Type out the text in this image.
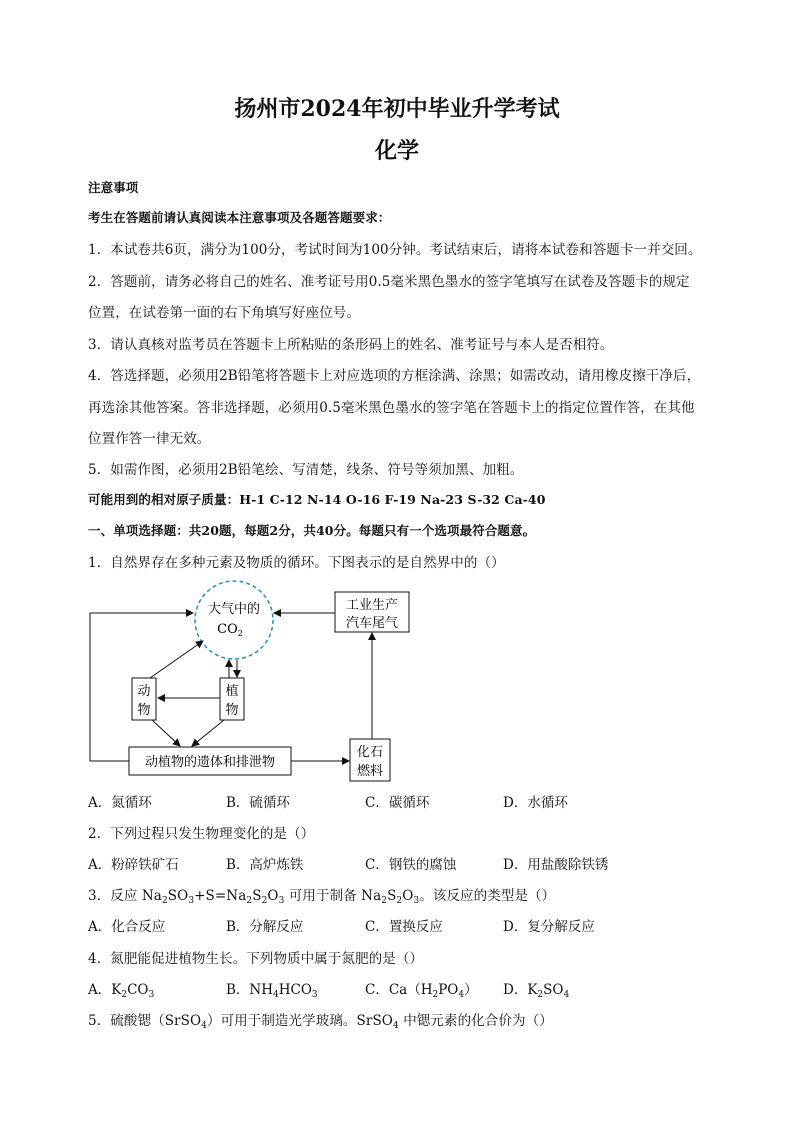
扬州市2024年初中毕业升学考试
化学
注意事项
考生在答题前请认真阅读本注意事项及各题答题要求：
1．本试卷共6页，满分为100分，考试时间为100分钟。考试结束后，请将本试卷和答题卡一并交回。
2．答题前，请务必将自己的姓名、准考证号用0.5毫米黑色墨水的签字笔填写在试卷及答题卡的规定
位置，在试卷第一面的右下角填写好座位号。
3．请认真核对监考员在答题卡上所粘贴的条形码上的姓名、准考证号与本人是否相符。
4．答选择题，必须用2B铅笔将答题卡上对应选项的方框涂满、涂黑；如需改动，请用橡皮擦干净后，
再选涂其他答案。答非选择题，必须用0.5毫米黑色墨水的签字笔在答题卡上的指定位置作答，在其他
位置作答一律无效。
5．如需作图，必须用2B铅笔绘、写清楚，线条、符号等须加黑、加粗。
可能用到的相对原子质量：H-1 C-12 N-14 O-16 F-19 Na-23 S-32 Ca-40
一、单项选择题：共20题，每题2分，共40分。每题只有一个选项最符合题意。
1．自然界存在多种元素及物质的循环。下图表示的是自然界中的（）
大气中的
$CO_2$
工业生产
汽车尾气
动
物
植
物
动植物的遗体和排泄物
化石
燃料
A．氮循环	B．硫循环	C．碳循环	D．水循环
2．下列过程只发生物理变化的是（）
A．粉碎铁矿石	B．高炉炼铁	C．钢铁的腐蚀	D．用盐酸除铁锈
3．反应 $Na_2SO_3+S=Na_2S_2O_3$ 可用于制备 $Na_2S_2O_3$。该反应的类型是（）
A．化合反应	B．分解反应	C．置换反应	D．复分解反应
4．氮肥能促进植物生长。下列物质中属于氮肥的是（）
A．$K_2CO_3$	B．$NH_4HCO_3$	C．$Ca(H_2PO_4)$ D．$K_2SO_4$
5．硫酸锶（SrSO$_4$）可用于制造光学玻璃。SrSO$_4$ 中锶元素的化合价为（）
